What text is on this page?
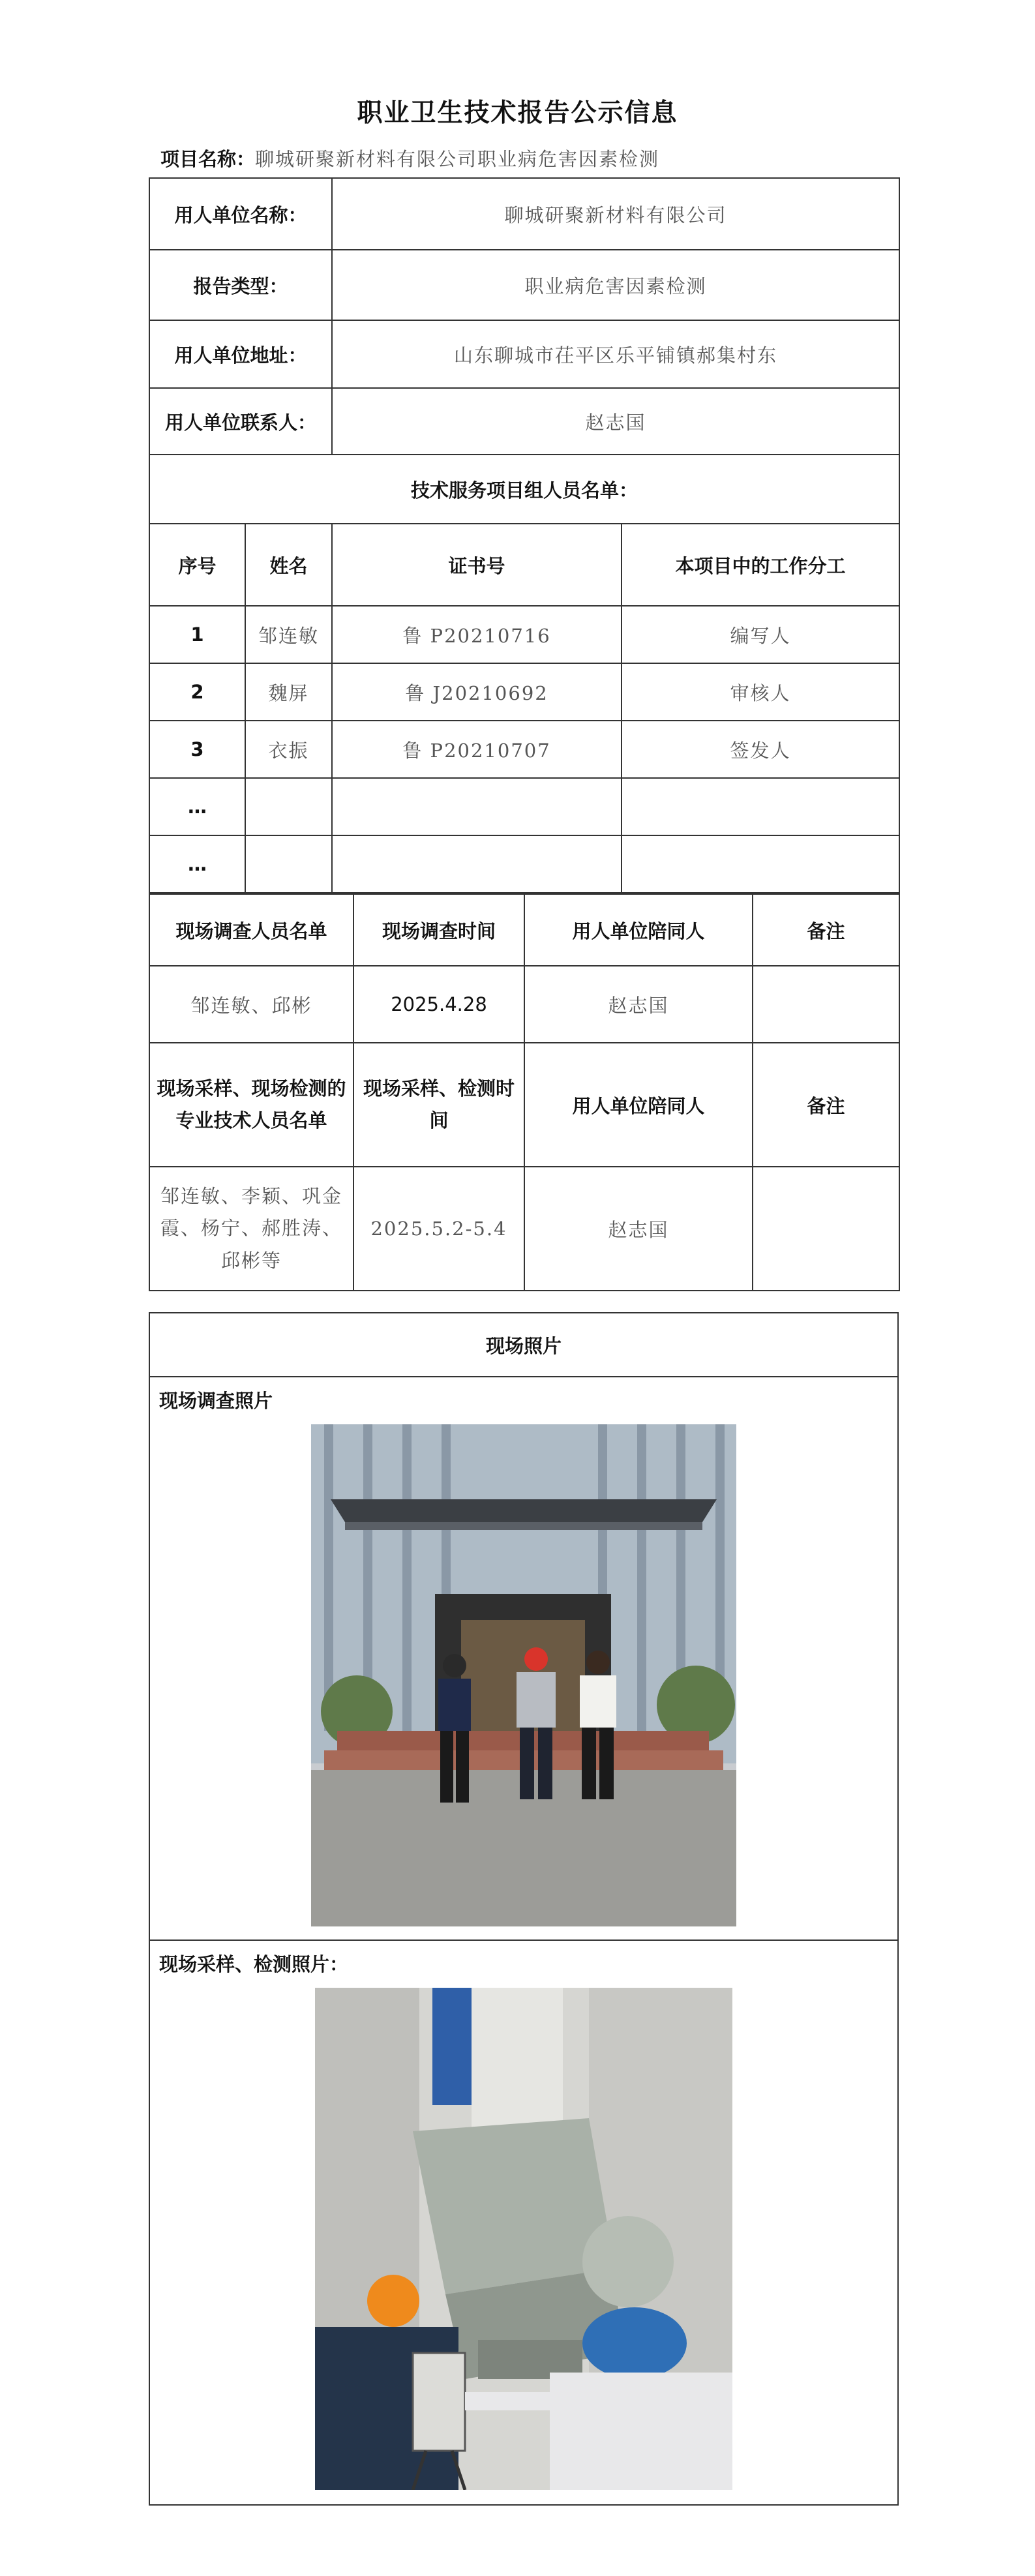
职业卫生技术报告公示信息
项目名称：聊城研聚新材料有限公司职业病危害因素检测
用人单位名称：		聊城研聚新材料有限公司	
报告类型：		职业病危害因素检测	
用人单位地址：		山东聊城市茌平区乐平铺镇郝集村东	
用人单位联系人：		赵志国	
技术服务项目组人员名单：			
序号	姓名	证书号	本项目中的工作分工
1	邹连敏	鲁 P20210716	编写人
2	魏屏	鲁 J20210692	审核人
3	衣振	鲁 P20210707	签发人
…			
…			
现场调查人员名单	现场调查时间	用人单位陪同人	备注
邹连敏、邱彬	2025.4.28	赵志国	
现场采样、现场检测的专业技术人员名单	现场采样、检测时间	用人单位陪同人	备注
邹连敏、李颖、巩金霞、杨宁、郝胜涛、邱彬等	2025.5.2-5.4	赵志国	
现场照片

现场调查照片

现场采样、检测照片：
